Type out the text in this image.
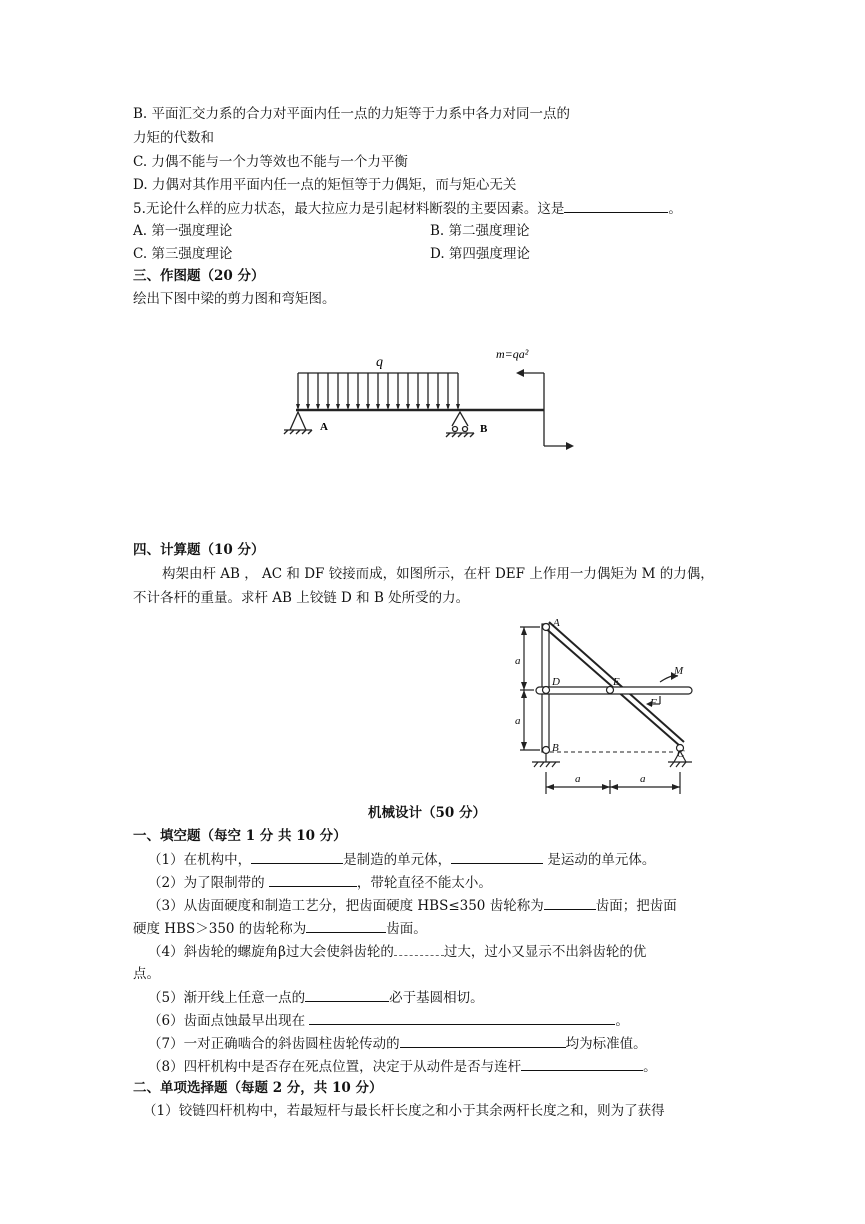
B. 平面汇交力系的合力对平面内任一点的力矩等于力系中各力对同一点的
力矩的代数和
C. 力偶不能与一个力等效也不能与一个力平衡
D. 力偶对其作用平面内任一点的矩恒等于力偶矩，而与矩心无关
5.无论什么样的应力状态，最大拉应力是引起材料断裂的主要因素。这是	。
A. 第一强度理论	B. 第二强度理论
C. 第三强度理论	D. 第四强度理论
三、作图题（20 分）
绘出下图中梁的剪力图和弯矩图。
q
m=qa²
A	B
四、计算题（10 分）
构架由杆 AB ， AC 和 DF 铰接而成，如图所示，在杆 DEF 上作用一力偶矩为 M 的力偶，
不计各杆的重量。求杆 AB 上铰链 D 和 B 处所受的力。
A
D	E
M
F
B	C
a
a
a	a
机械设计（50 分）
一、填空题（每空 1 分 共 10 分）
（1）在机构中，	是制造的单元体，	是运动的单元体。
（2）为了限制带的	，带轮直径不能太小。
（3）从齿面硬度和制造工艺分，把齿面硬度 HBS≤350 齿轮称为	齿面；把齿面
硬度 HBS＞350 的齿轮称为	齿面。
（4）斜齿轮的螺旋角β过大会使斜齿轮的	过大，过小又显示不出斜齿轮的优
点。
（5）渐开线上任意一点的	必于基圆相切。
（6）齿面点蚀最早出现在	。
（7）一对正确啮合的斜齿圆柱齿轮传动的	均为标准值。
（8）四杆机构中是否存在死点位置，决定于从动件是否与连杆	。
二、单项选择题（每题 2 分，共 10 分）
（1）铰链四杆机构中，若最短杆与最长杆长度之和小于其余两杆长度之和，则为了获得
